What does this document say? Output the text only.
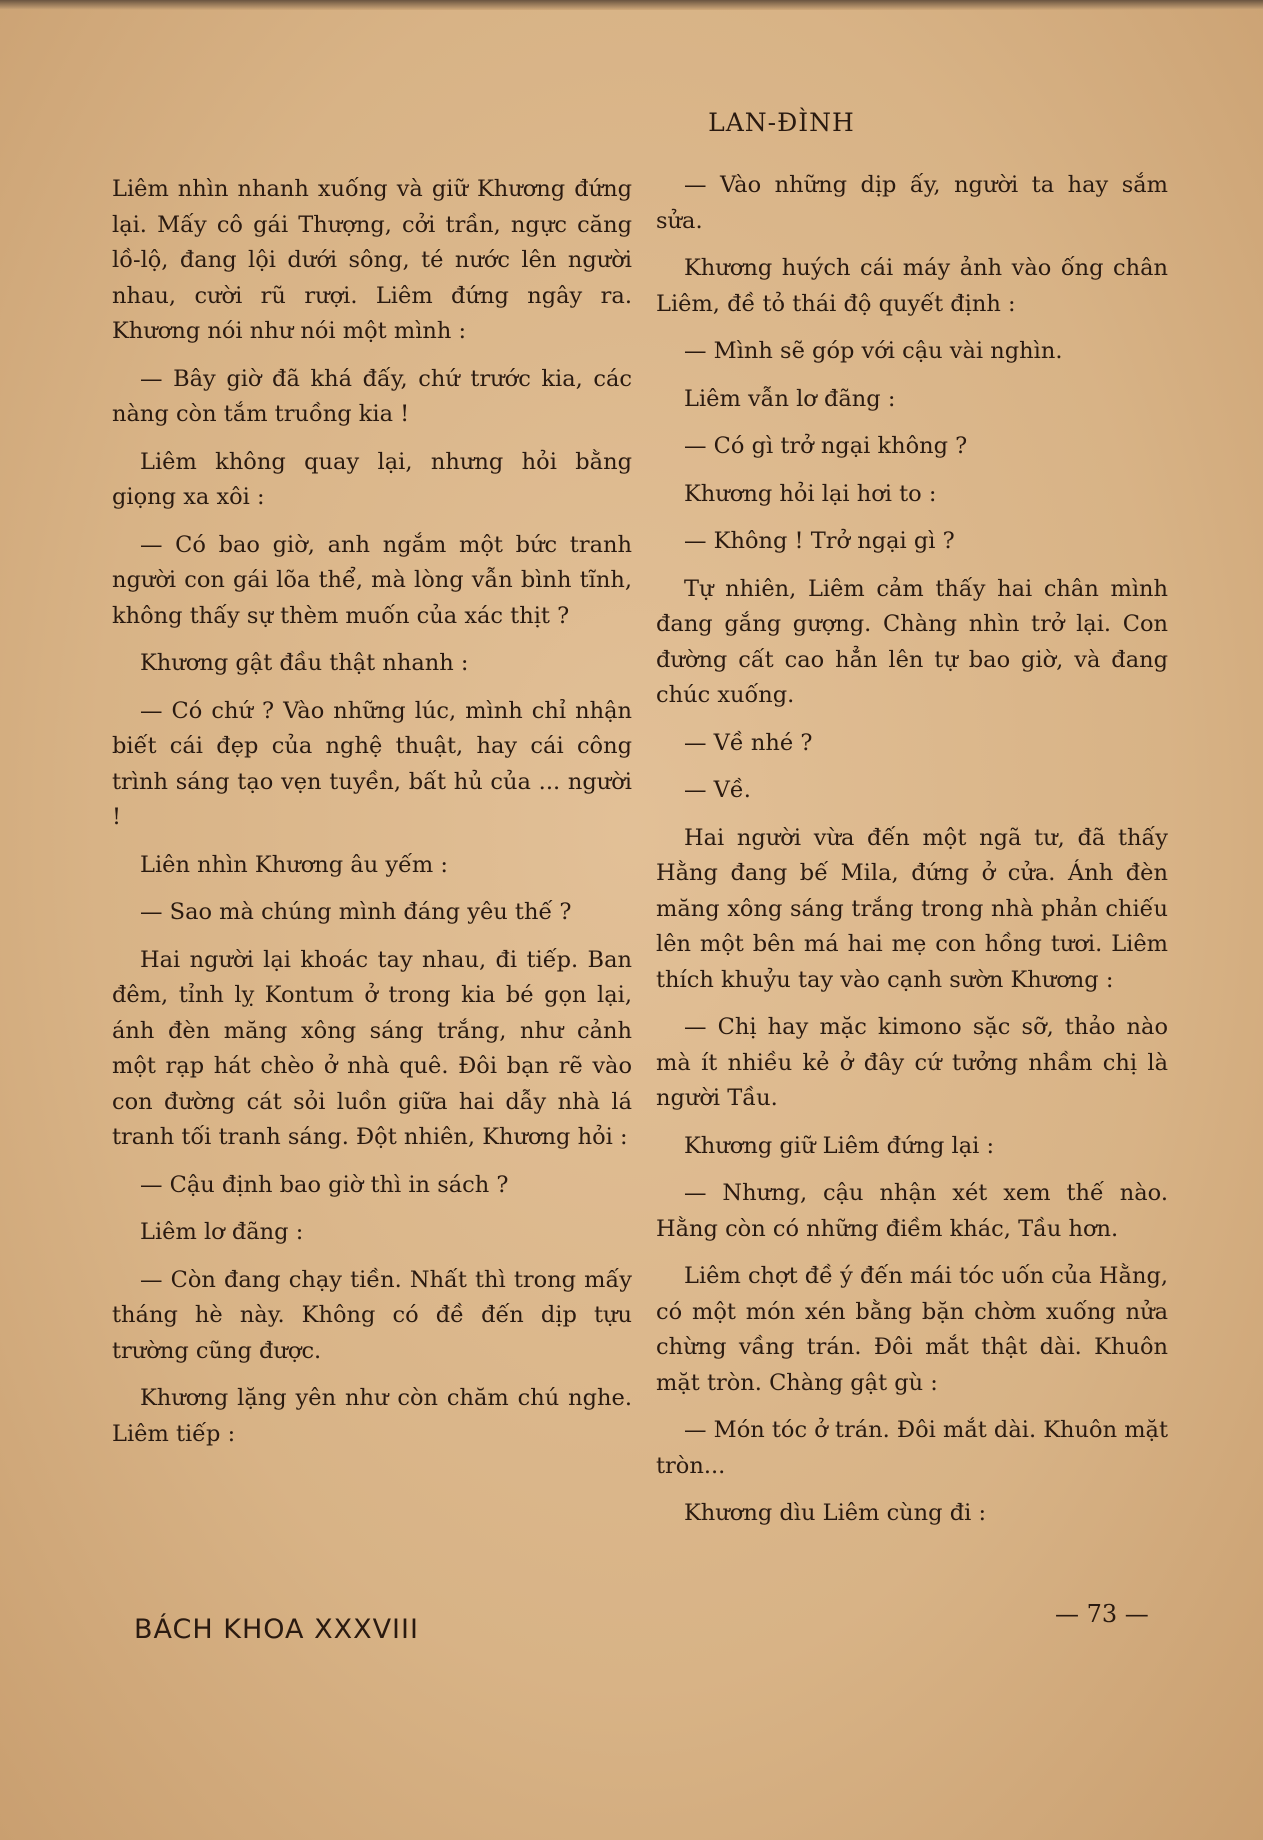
LAN-ĐÌNH

Liêm nhìn nhanh xuống và giữ Khương đứng lại. Mấy cô gái Thượng, cởi trần, ngực căng lồ-lộ, đang lội dưới sông, té nước lên người nhau, cười rũ rượi. Liêm đứng ngây ra. Khương nói như nói một mình :

— Bây giờ đã khá đấy, chứ trước kia, các nàng còn tắm truồng kia !

Liêm không quay lại, nhưng hỏi bằng giọng xa xôi :

— Có bao giờ, anh ngắm một bức tranh người con gái lõa thể, mà lòng vẫn bình tĩnh, không thấy sự thèm muốn của xác thịt ?

Khương gật đầu thật nhanh :

— Có chứ ? Vào những lúc, mình chỉ nhận biết cái đẹp của nghệ thuật, hay cái công trình sáng tạo vẹn tuyền, bất hủ của ... người !

Liên nhìn Khương âu yếm :

— Sao mà chúng mình đáng yêu thế ?

Hai người lại khoác tay nhau, đi tiếp. Ban đêm, tỉnh lỵ Kontum ở trong kia bé gọn lại, ánh đèn măng xông sáng trắng, như cảnh một rạp hát chèo ở nhà quê. Đôi bạn rẽ vào con đường cát sỏi luồn giữa hai dẫy nhà lá tranh tối tranh sáng. Đột nhiên, Khương hỏi :

— Cậu định bao giờ thì in sách ?

Liêm lơ đãng :

— Còn đang chạy tiền. Nhất thì trong mấy tháng hè này. Không có đề đến dịp tựu trường cũng được.

Khương lặng yên như còn chăm chú nghe. Liêm tiếp :

— Vào những dịp ấy, người ta hay sắm sửa.

Khương huých cái máy ảnh vào ống chân Liêm, đề tỏ thái độ quyết định :

— Mình sẽ góp với cậu vài nghìn.

Liêm vẫn lơ đãng :

— Có gì trở ngại không ?

Khương hỏi lại hơi to :

— Không ! Trở ngại gì ?

Tự nhiên, Liêm cảm thấy hai chân mình đang gắng gượng. Chàng nhìn trở lại. Con đường cất cao hẳn lên tự bao giờ, và đang chúc xuống.

— Về nhé ?

— Về.

Hai người vừa đến một ngã tư, đã thấy Hằng đang bế Mila, đứng ở cửa. Ánh đèn măng xông sáng trắng trong nhà phản chiếu lên một bên má hai mẹ con hồng tươi. Liêm thích khuỷu tay vào cạnh sườn Khương :

— Chị hay mặc kimono sặc sỡ, thảo nào mà ít nhiều kẻ ở đây cứ tưởng nhầm chị là người Tầu.

Khương giữ Liêm đứng lại :

— Nhưng, cậu nhận xét xem thế nào. Hằng còn có những điềm khác, Tầu hơn.

Liêm chợt đề ý đến mái tóc uốn của Hằng, có một món xén bằng bặn chờm xuống nửa chừng vầng trán. Đôi mắt thật dài. Khuôn mặt tròn. Chàng gật gù :

— Món tóc ở trán. Đôi mắt dài. Khuôn mặt tròn...

Khương dìu Liêm cùng đi :

BÁCH KHOA XXXVIII	— 73 —
